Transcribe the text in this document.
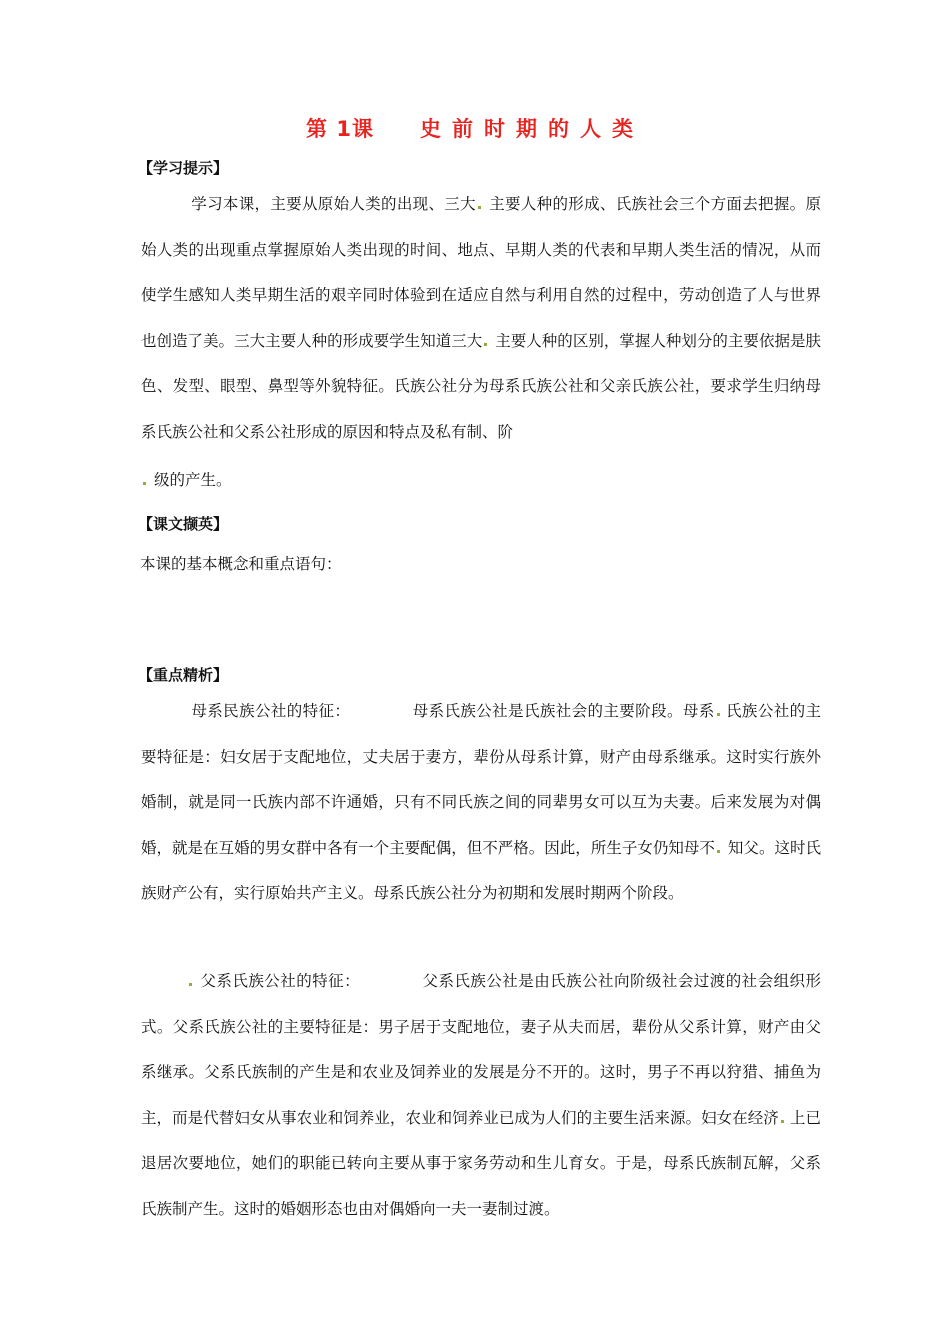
第 1课 史前时期的人类
【学习提示】
学习本课，主要从原始人类的出现、三大 主要人种的形成、氏族社会三个方面去把握。原始人类的出现重点掌握原始人类出现的时间、地点、早期人类的代表和早期人类生活的情况，从而使学生感知人类早期生活的艰辛同时体验到在适应自然与利用自然的过程中，劳动创造了人与世界也创造了美。三大主要人种的形成要学生知道三大 主要人种的区别，掌握人种划分的主要依据是肤色、发型、眼型、鼻型等外貌特征。氏族公社分为母系氏族公社和父亲氏族公社，要求学生归纳母系氏族公社和父系公社形成的原因和特点及私有制、阶
级的产生。
【课文撷英】
本课的基本概念和重点语句：
【重点精析】
母系民族公社的特征：	母系氏族公社是氏族社会的主要阶段。母系 氏族公社的主要特征是：妇女居于支配地位，丈夫居于妻方，辈份从母系计算，财产由母系继承。这时实行族外婚制，就是同一氏族内部不许通婚，只有不同氏族之间的同辈男女可以互为夫妻。后来发展为对偶婚，就是在互婚的男女群中各有一个主要配偶，但不严格。因此，所生子女仍知母不 知父。这时氏族财产公有，实行原始共产主义。母系氏族公社分为初期和发展时期两个阶段。
父系氏族公社的特征：	父系氏族公社是由氏族公社向阶级社会过渡的社会组织形式。父系氏族公社的主要特征是：男子居于支配地位，妻子从夫而居，辈份从父系计算，财产由父系继承。父系氏族制的产生是和农业及饲养业的发展是分不开的。这时，男子不再以狩猎、捕鱼为主，而是代替妇女从事农业和饲养业，农业和饲养业已成为人们的主要生活来源。妇女在经济 上已退居次要地位，她们的职能已转向主要从事于家务劳动和生儿育女。于是，母系氏族制瓦解，父系氏族制产生。这时的婚姻形态也由对偶婚向一夫一妻制过渡。
